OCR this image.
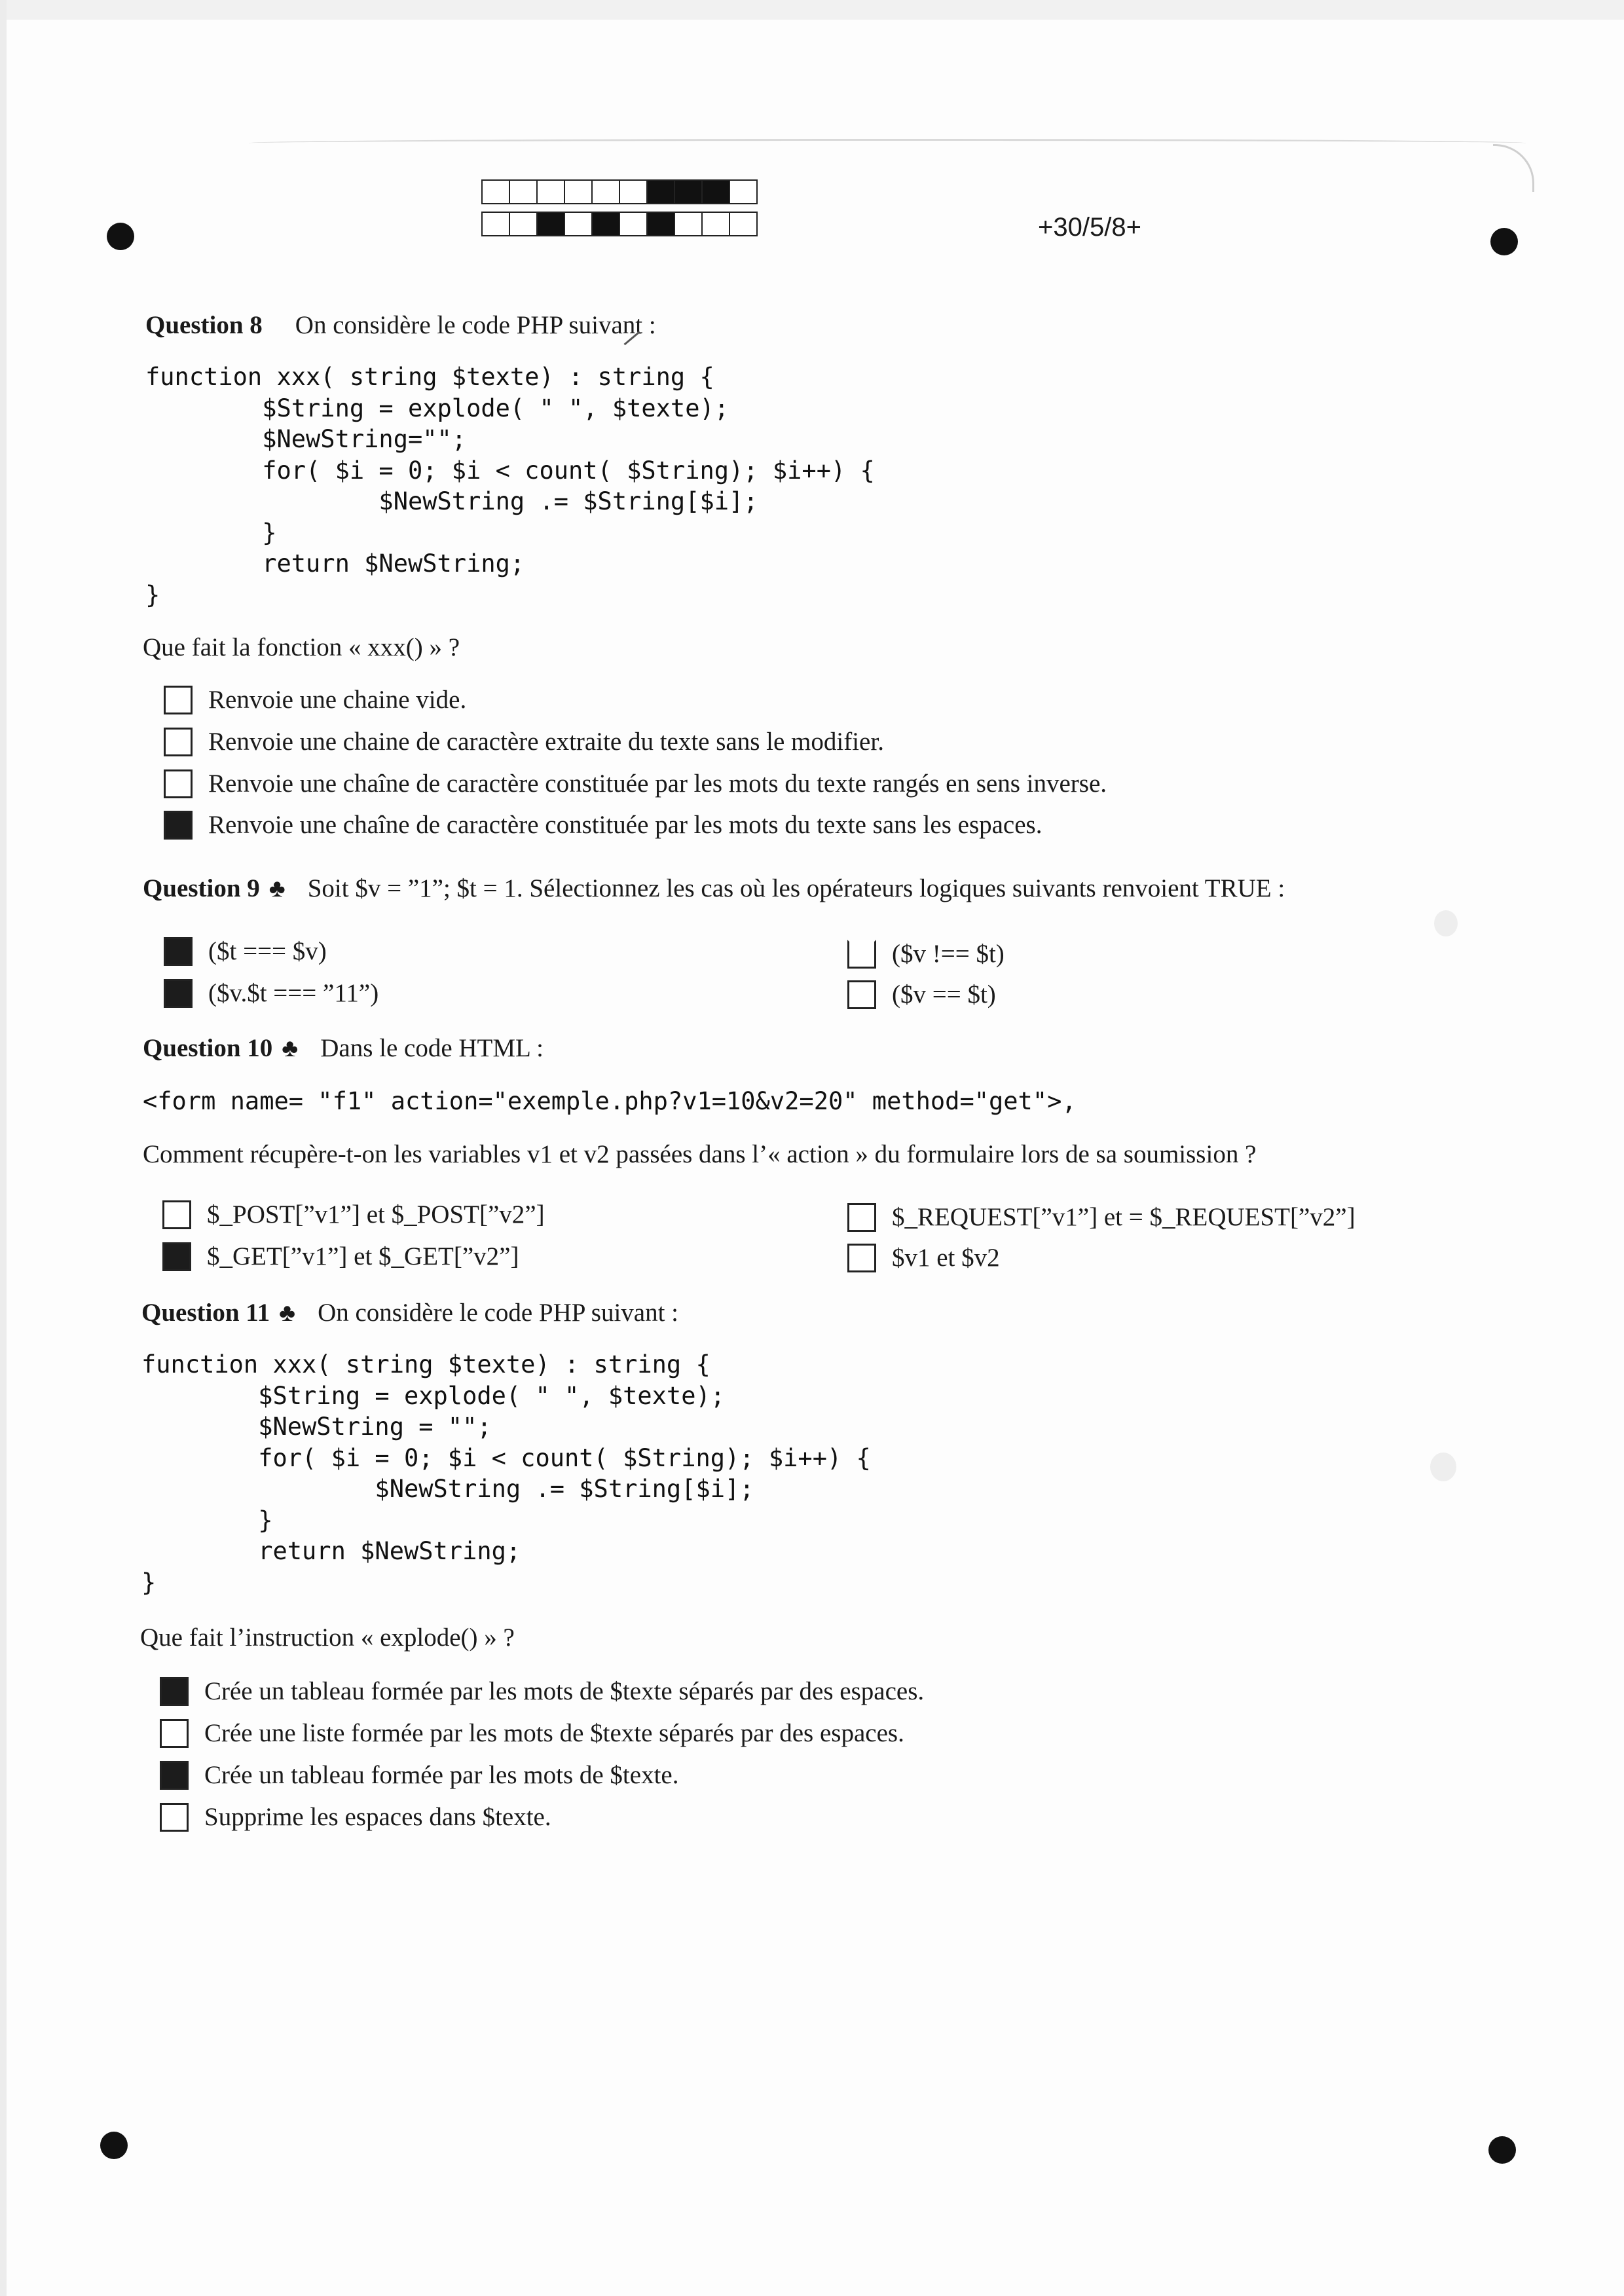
+30/5/8+
Question 8 On considère le code PHP suivant :
function xxx( string $texte) : string {
$String = explode( " ", $texte);
$NewString="";
for( $i = 0; $i < count( $String); $i++) {
$NewString .= $String[$i];
}
return $NewString;
}
Que fait la fonction « xxx() » ?
Renvoie une chaine vide.
Renvoie une chaine de caractère extraite du texte sans le modifier.
Renvoie une chaîne de caractère constituée par les mots du texte rangés en sens inverse.
Renvoie une chaîne de caractère constituée par les mots du texte sans les espaces.
Question 9 ♣ Soit $v = ”1”; $t = 1. Sélectionnez les cas où les opérateurs logiques suivants renvoient TRUE :
($t === $v)	($v !== $t)
($v.$t === ”11”)	($v == $t)
Question 10 ♣ Dans le code HTML :
<form name= "f1" action="exemple.php?v1=10&v2=20" method="get">,
Comment récupère-t-on les variables v1 et v2 passées dans l’« action » du formulaire lors de sa soumission ?
$_POST[”v1”] et $_POST[”v2”]	$_REQUEST[”v1”] et = $_REQUEST[”v2”]
$_GET[”v1”] et $_GET[”v2”]	$v1 et $v2
Question 11 ♣ On considère le code PHP suivant :
function xxx( string $texte) : string {
$String = explode( " ", $texte);
$NewString = "";
for( $i = 0; $i < count( $String); $i++) {
$NewString .= $String[$i];
}
return $NewString;
}
Que fait l’instruction « explode() » ?
Crée un tableau formée par les mots de $texte séparés par des espaces.
Crée une liste formée par les mots de $texte séparés par des espaces.
Crée un tableau formée par les mots de $texte.
Supprime les espaces dans $texte.
